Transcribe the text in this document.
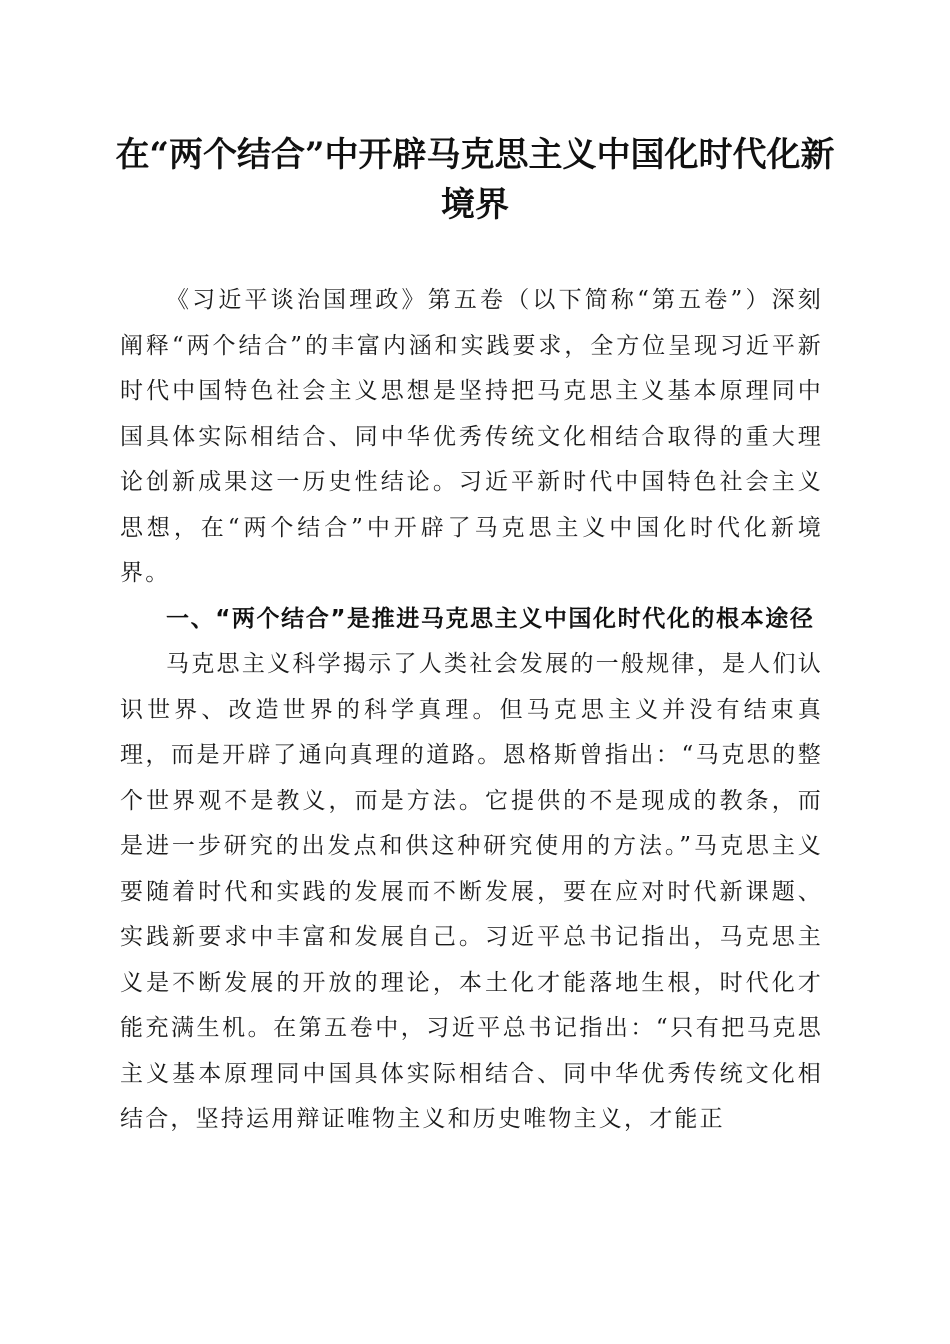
在“两个结合”中开辟马克思主义中国化时代化新境界

《习近平谈治国理政》第五卷（以下简称“第五卷”）深刻阐释“两个结合”的丰富内涵和实践要求，全方位呈现习近平新时代中国特色社会主义思想是坚持把马克思主义基本原理同中国具体实际相结合、同中华优秀传统文化相结合取得的重大理论创新成果这一历史性结论。习近平新时代中国特色社会主义思想，在“两个结合”中开辟了马克思主义中国化时代化新境界。

一、“两个结合”是推进马克思主义中国化时代化的根本途径

马克思主义科学揭示了人类社会发展的一般规律，是人们认识世界、改造世界的科学真理。但马克思主义并没有结束真理，而是开辟了通向真理的道路。恩格斯曾指出：“马克思的整个世界观不是教义，而是方法。它提供的不是现成的教条，而是进一步研究的出发点和供这种研究使用的方法。”马克思主义要随着时代和实践的发展而不断发展，要在应对时代新课题、实践新要求中丰富和发展自己。习近平总书记指出，马克思主义是不断发展的开放的理论，本土化才能落地生根，时代化才能充满生机。在第五卷中，习近平总书记指出：“只有把马克思主义基本原理同中国具体实际相结合、同中华优秀传统文化相结合，坚持运用辩证唯物主义和历史唯物主义，才能正
